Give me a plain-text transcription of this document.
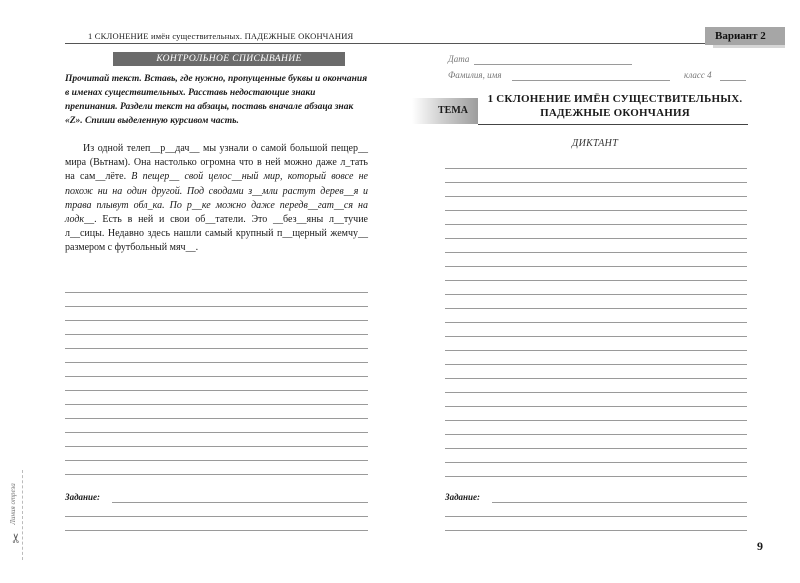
1 СКЛОНЕНИЕ имён существительных. ПАДЕЖНЫЕ ОКОНЧАНИЯ	Вариант 2
КОНТРОЛЬНОЕ СПИСЫВАНИЕ
Прочитай текст. Вставь, где нужно, пропущенные буквы и окончания в именах существительных. Расставь недостающие знаки препинания. Раздели текст на абзацы, поставь вначале абзаца знак «Z». Спиши выделенную курсивом часть.
Из одной телеп__р__дач__ мы узнали о самой большой пещер__ мира (Вьтнам). Она настолько огромна что в ней можно даже л_тать на сам__лёте. В пещер__ свой целос__ный мир, который вовсе не похож ни на один другой. Под сводами з__мли растут дерев__я и трава плывут обл_ка. По р__ке можно даже передв__гат__ся на лодк__. Есть в ней и свои об__татели. Это __без__яны л__тучие л__сицы. Недавно здесь нашли самый крупный п__щерный жемчу__ размером с футбольный мяч__.
Задание:
Линия отреза
✂
Дата
Фамилия, имя	класс 4
ТЕМА
1 СКЛОНЕНИЕ ИМЁН СУЩЕСТВИТЕЛЬНЫХ.
ПАДЕЖНЫЕ ОКОНЧАНИЯ
ДИКТАНТ
Задание:
9
